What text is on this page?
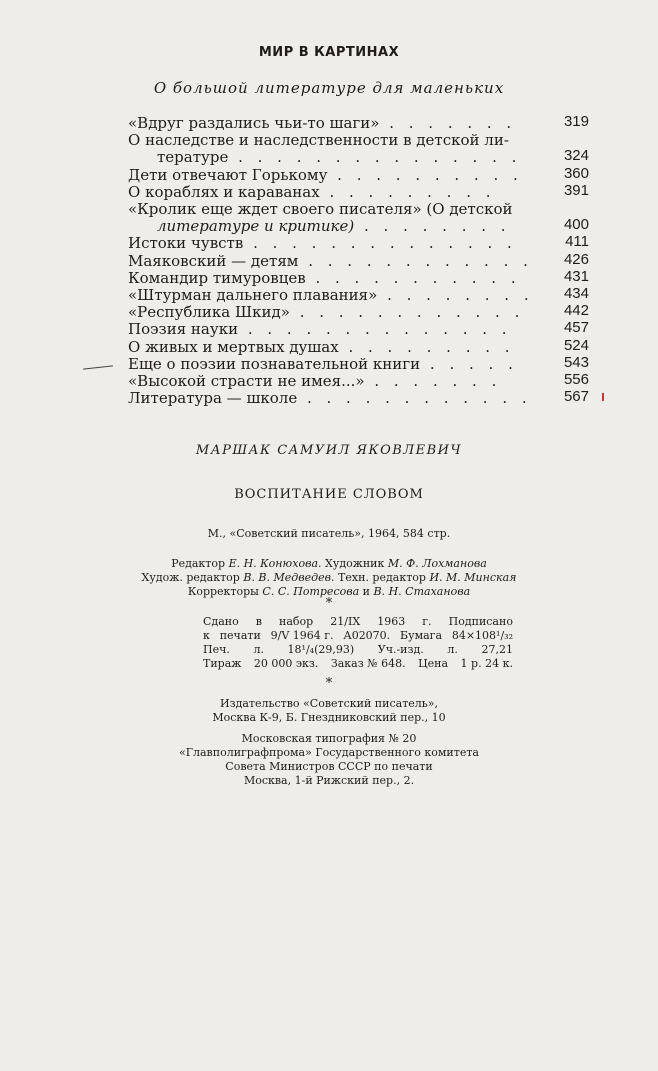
МИР В КАРТИНАХ
О большой литературе для маленьких
«Вдруг раздались чьи-то шаги» . . . . . . .	319
О наследстве и наследственности в детской ли-
тературе . . . . . . . . . . . . . . .	324
Дети отвечают Горькому . . . . . . . . . .	360
О кораблях и караванах . . . . . . . . .	391
«Кролик еще ждет своего писателя» (О детской
литературе и критике) . . . . . . . .	400
Истоки чувств . . . . . . . . . . . . . .	411
Маяковский — детям . . . . . . . . . . . .	426
Командир тимуровцев . . . . . . . . . . .	431
«Штурман дальнего плавания» . . . . . . . .	434
«Республика Шкид» . . . . . . . . . . . .	442
Поэзия науки . . . . . . . . . . . . . .	457
О живых и мертвых душах . . . . . . . . .	524
Еще о поэзии познавательной книги . . . . .	543
«Высокой страсти не имея...» . . . . . . .	556
Литература — школе . . . . . . . . . . . .	567
МАРШАК САМУИЛ ЯКОВЛЕВИЧ
ВОСПИТАНИЕ СЛОВОМ
М., «Советский писатель», 1964, 584 стр.
Редактор Е. Н. Конюхова. Художник М. Ф. Лохманова
Худож. редактор В. В. Медведев. Техн. редактор И. М. Минская
Корректоры С. С. Потресова и В. Н. Стаханова
*
Сдано в набор 21/IX 1963 г. Подписано
к печати 9/V 1964 г. А02070. Бумага 84×108¹/₃₂
Печ. л. 18¹/₄(29,93) Уч.-изд. л. 27,21
Тираж 20 000 экз. Заказ № 648. Цена 1 р. 24 к.
*
Издательство «Советский писатель»,
Москва К-9, Б. Гнездниковский пер., 10
Московская типография № 20
«Главполиграфпрома» Государственного комитета
Совета Министров СССР по печати
Москва, 1-й Рижский пер., 2.
